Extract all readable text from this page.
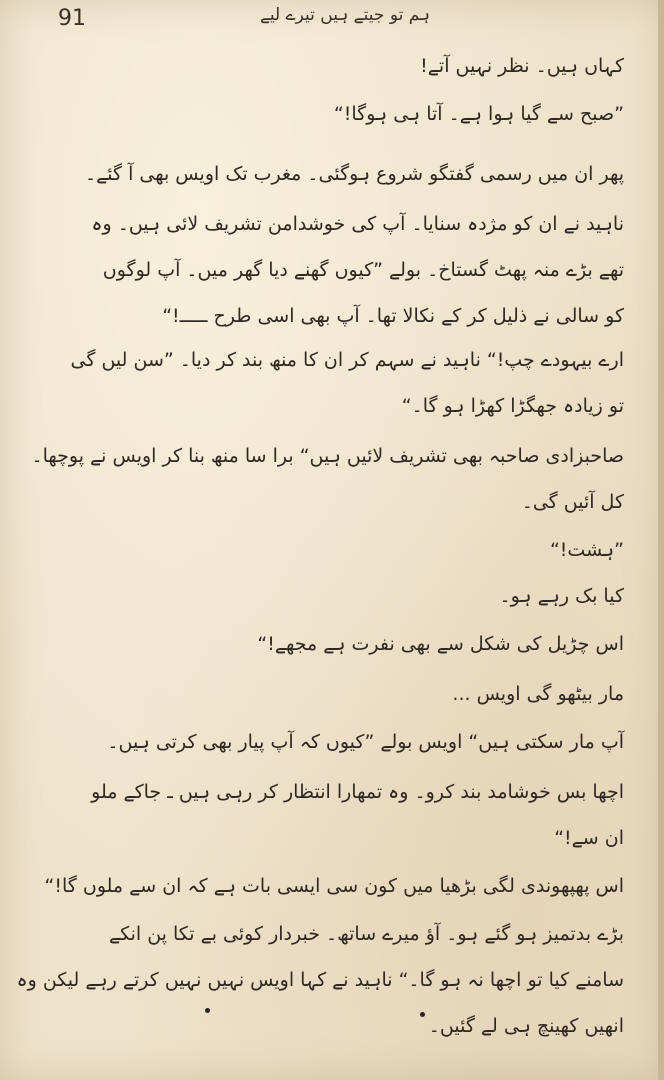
91	ہم تو جیتے ہیں تیرے لیے
کہاں ہیں۔ نظر نہیں آتے!
”صبح سے گیا ہوا ہے۔ آتا ہی ہوگا!“
پھر ان میں رسمی گفتگو شروع ہوگئی۔ مغرب تک اویس بھی آ گئے۔
ناہید نے ان کو مژدہ سنایا۔ آپ کی خوشدامن تشریف لائی ہیں۔ وہ
تھے بڑے منہ پھٹ گستاخ۔ بولے ”کیوں گھنے دیا گھر میں۔ آپ لوگوں
کو سالی نے ذلیل کر کے نکالا تھا۔ آپ بھی اسی طرح ـــــ!“
ارے بیہودے چپ!“ ناہید نے سہم کر ان کا منھ بند کر دیا۔ ”سن لیں گی
تو زیادہ جھگڑا کھڑا ہو گا۔“
صاحبزادی صاحبہ بھی تشریف لائیں ہیں“ برا سا منھ بنا کر اویس نے پوچھا۔
کل آئیں گی۔
”ہشت!“
کیا بک رہے ہو۔
اس چڑیل کی شکل سے بھی نفرت ہے مجھے!“
مار بیٹھو گی اویس ...
آپ مار سکتی ہیں“ اویس بولے ”کیوں کہ آپ پیار بھی کرتی ہیں۔
اچھا بس خوشامد بند کرو۔ وہ تمھارا انتظار کر رہی ہیں ـ جاکے ملو
ان سے!“
اس پھپھوندی لگی بڑھیا میں کون سی ایسی بات ہے کہ ان سے ملوں گا!“
بڑے بدتمیز ہو گئے ہو۔ آؤ میرے ساتھ۔ خبردار کوئی بے تکا پن انکے
سامنے کیا تو اچھا نہ ہو گا۔“ ناہید نے کہا اویس نہیں نہیں کرتے رہے لیکن وہ
انھیں کھینچ ہی لے گئیں۔
